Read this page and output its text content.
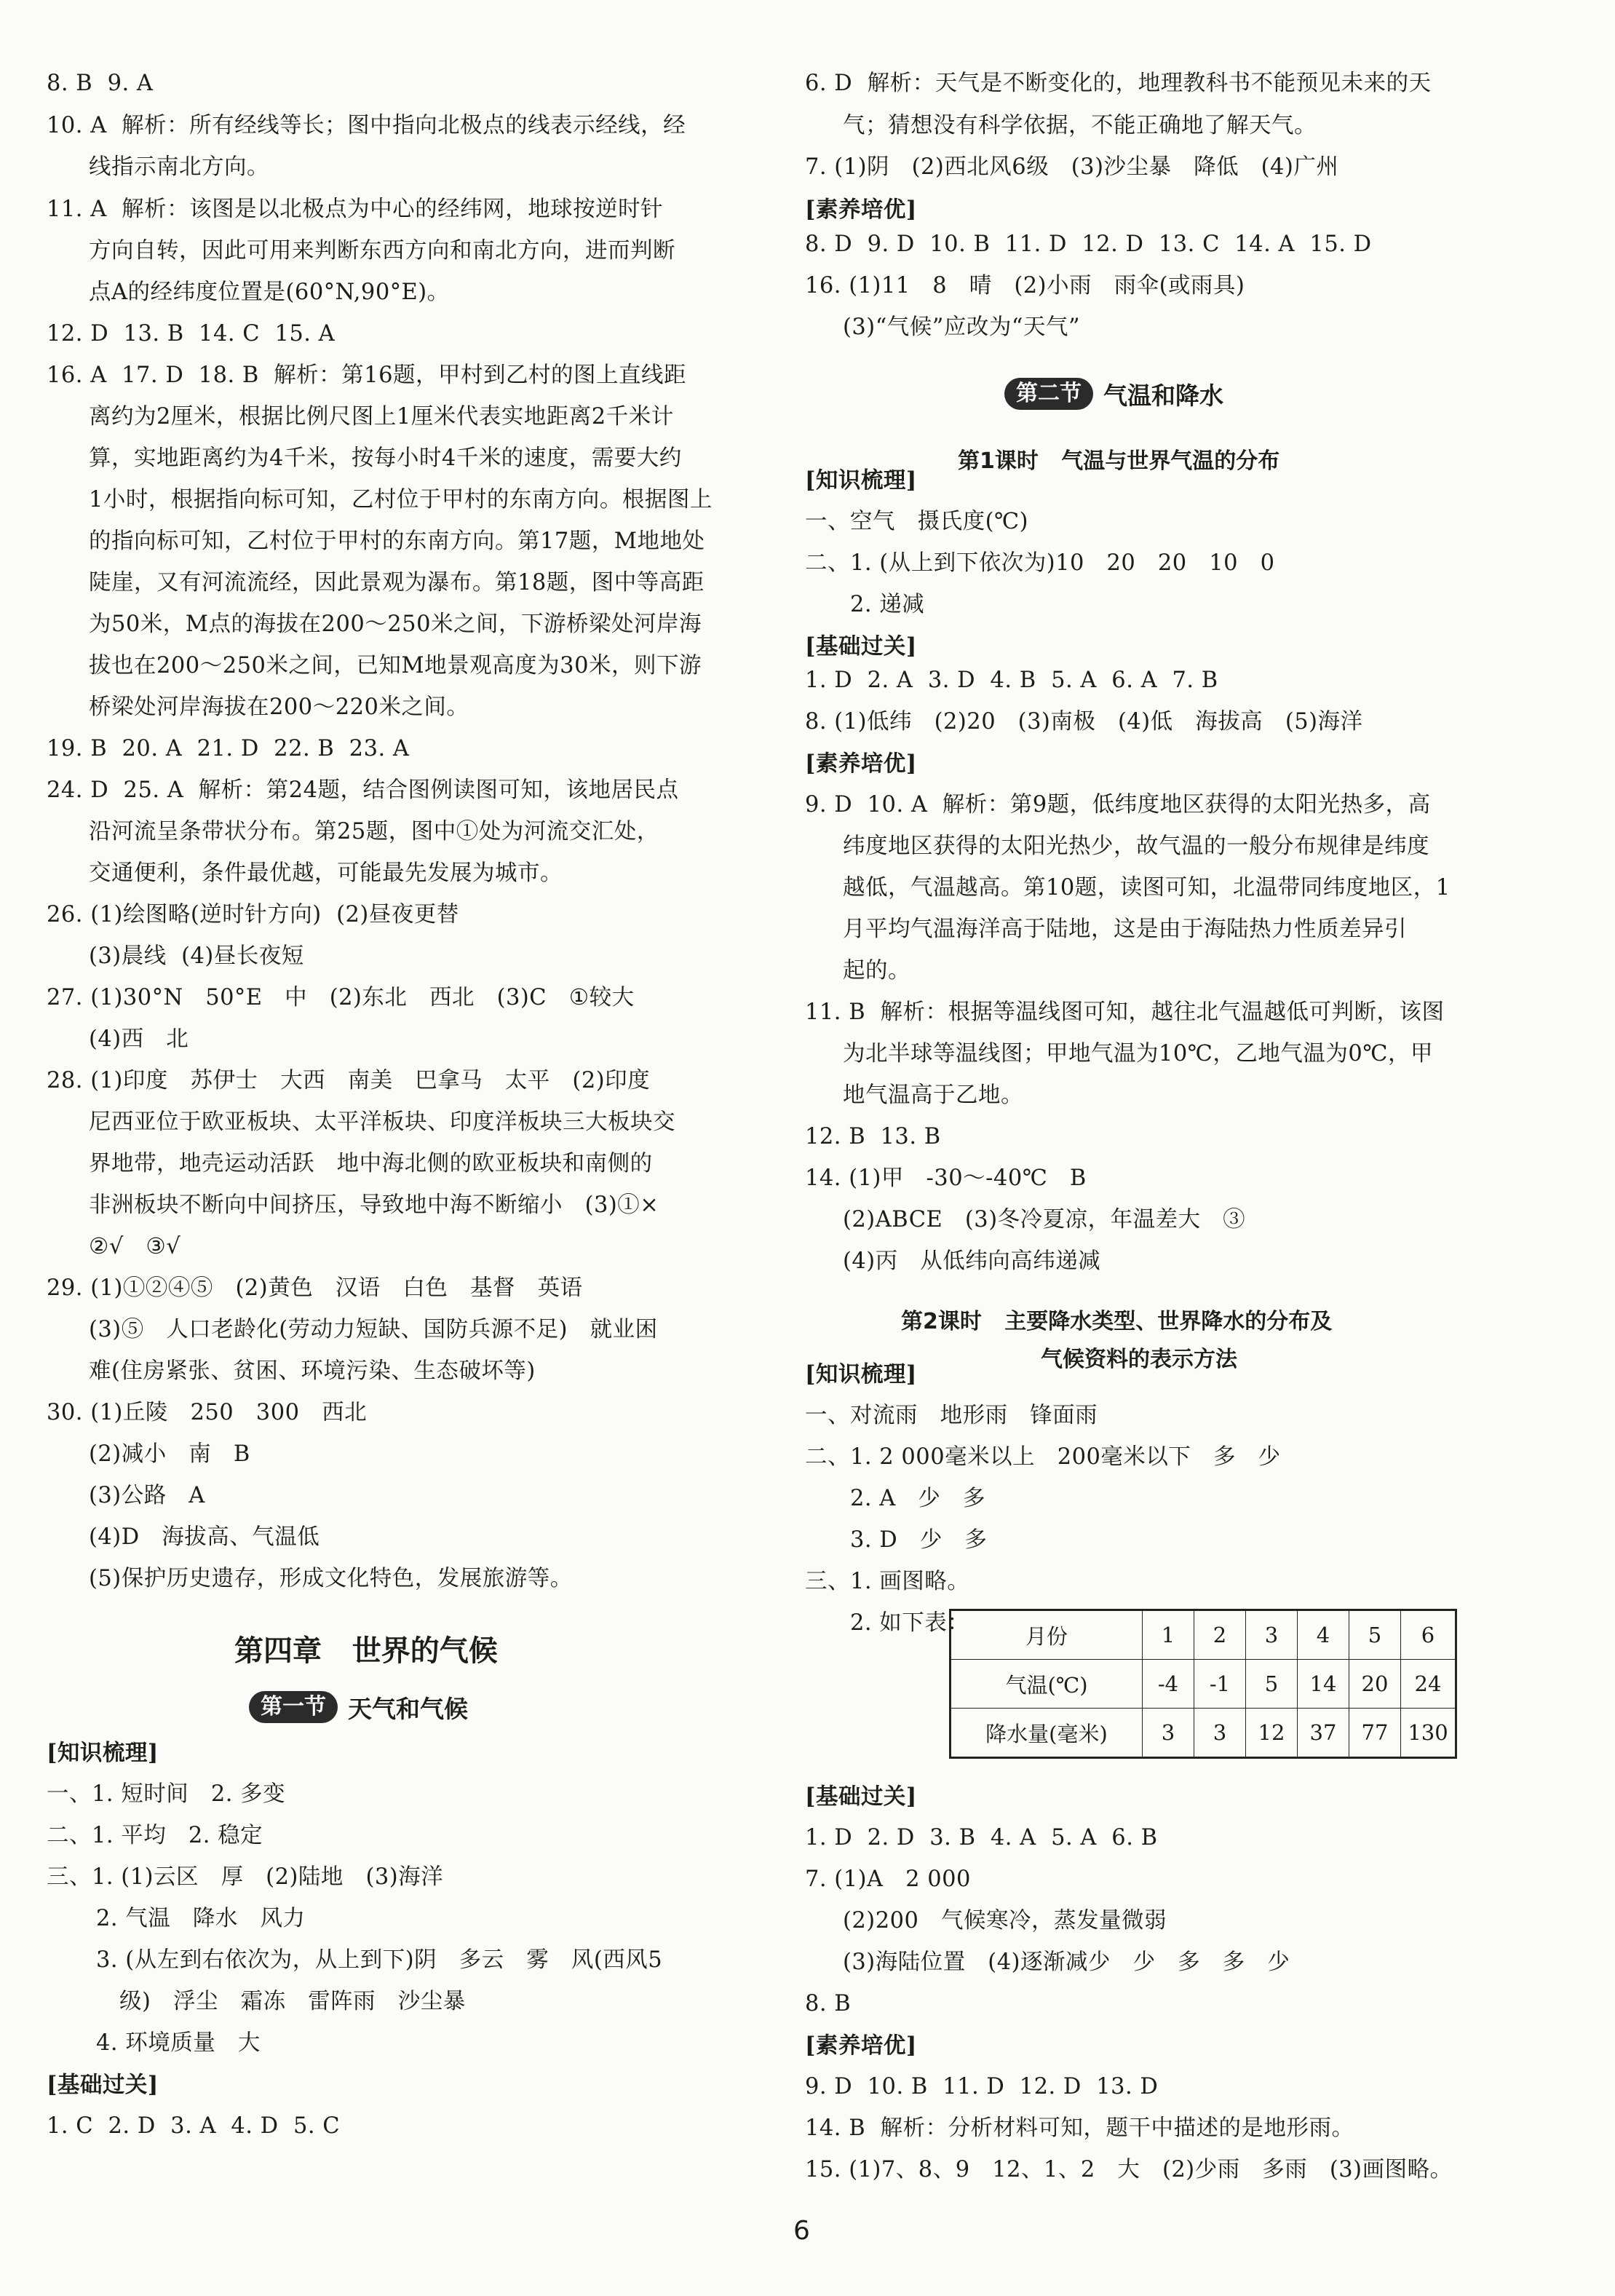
8. B  9. A
10. A  解析：所有经线等长；图中指向北极点的线表示经线，经
线指示南北方向。
11. A  解析：该图是以北极点为中心的经纬网，地球按逆时针
方向自转，因此可用来判断东西方向和南北方向，进而判断
点A的经纬度位置是(60°N,90°E)。
12. D  13. B  14. C  15. A
16. A  17. D  18. B  解析：第16题，甲村到乙村的图上直线距
离约为2厘米，根据比例尺图上1厘米代表实地距离2千米计
算，实地距离约为4千米，按每小时4千米的速度，需要大约
1小时，根据指向标可知，乙村位于甲村的东南方向。根据图上
的指向标可知，乙村位于甲村的东南方向。第17题，M地地处
陡崖，又有河流流经，因此景观为瀑布。第18题，图中等高距
为50米，M点的海拔在200～250米之间，下游桥梁处河岸海
拔也在200～250米之间，已知M地景观高度为30米，则下游
桥梁处河岸海拔在200～220米之间。
19. B  20. A  21. D  22. B  23. A
24. D  25. A  解析：第24题，结合图例读图可知，该地居民点
沿河流呈条带状分布。第25题，图中①处为河流交汇处，
交通便利，条件最优越，可能最先发展为城市。
26. (1)绘图略(逆时针方向)  (2)昼夜更替
(3)晨线  (4)昼长夜短
27. (1)30°N   50°E   中   (2)东北   西北   (3)C   ①较大
(4)西   北
28. (1)印度   苏伊士   大西   南美   巴拿马   太平   (2)印度
尼西亚位于欧亚板块、太平洋板块、印度洋板块三大板块交
界地带，地壳运动活跃   地中海北侧的欧亚板块和南侧的
非洲板块不断向中间挤压，导致地中海不断缩小   (3)①×
②√   ③√
29. (1)①②④⑤   (2)黄色   汉语   白色   基督   英语
(3)⑤   人口老龄化(劳动力短缺、国防兵源不足)   就业困
难(住房紧张、贫困、环境污染、生态破坏等)
30. (1)丘陵   250   300   西北
(2)减小   南   B
(3)公路   A
(4)D   海拔高、气温低
(5)保护历史遗存，形成文化特色，发展旅游等。
[知识梳理]
一、1. 短时间   2. 多变
二、1. 平均   2. 稳定
三、1. (1)云区   厚   (2)陆地   (3)海洋
2. 气温   降水   风力
3. (从左到右依次为，从上到下)阴   多云   雾   风(西风5
级)   浮尘   霜冻   雷阵雨   沙尘暴
4. 环境质量   大
[基础过关]
1. C  2. D  3. A  4. D  5. C
第四章   世界的气候
第一节 天气和气候
第二节 气温和降水
第1课时   气温与世界气温的分布
第2课时   主要降水类型、世界降水的分布及
气候资料的表示方法
月份	1	2	3	4	5	6
气温(℃)	-4	-1	5	14	20	24
降水量(毫米)	3	3	12	37	77	130
6. D  解析：天气是不断变化的，地理教科书不能预见未来的天
气；猜想没有科学依据，不能正确地了解天气。
7. (1)阴   (2)西北风6级   (3)沙尘暴   降低   (4)广州
[素养培优]
8. D  9. D  10. B  11. D  12. D  13. C  14. A  15. D
16. (1)11   8   晴   (2)小雨   雨伞(或雨具)
(3)“气候”应改为“天气”
[知识梳理]
一、空气   摄氏度(℃)
二、1. (从上到下依次为)10   20   20   10   0
2. 递减
[基础过关]
1. D  2. A  3. D  4. B  5. A  6. A  7. B
8. (1)低纬   (2)20   (3)南极   (4)低   海拔高   (5)海洋
[素养培优]
9. D  10. A  解析：第9题，低纬度地区获得的太阳光热多，高
纬度地区获得的太阳光热少，故气温的一般分布规律是纬度
越低，气温越高。第10题，读图可知，北温带同纬度地区，1
月平均气温海洋高于陆地，这是由于海陆热力性质差异引
起的。
11. B  解析：根据等温线图可知，越往北气温越低可判断，该图
为北半球等温线图；甲地气温为10℃，乙地气温为0℃，甲
地气温高于乙地。
12. B  13. B
14. (1)甲   -30～-40℃   B
(2)ABCE   (3)冬冷夏凉，年温差大   ③
(4)丙   从低纬向高纬递减
[知识梳理]
一、对流雨   地形雨   锋面雨
二、1. 2 000毫米以上   200毫米以下   多   少
2. A   少   多
3. D   少   多
三、1. 画图略。
2. 如下表：
[基础过关]
1. D  2. D  3. B  4. A  5. A  6. B
7. (1)A   2 000
(2)200   气候寒冷，蒸发量微弱
(3)海陆位置   (4)逐渐减少   少   多   多   少
8. B
[素养培优]
9. D  10. B  11. D  12. D  13. D
14. B  解析：分析材料可知，题干中描述的是地形雨。
15. (1)7、8、9   12、1、2   大   (2)少雨   多雨   (3)画图略。
6
